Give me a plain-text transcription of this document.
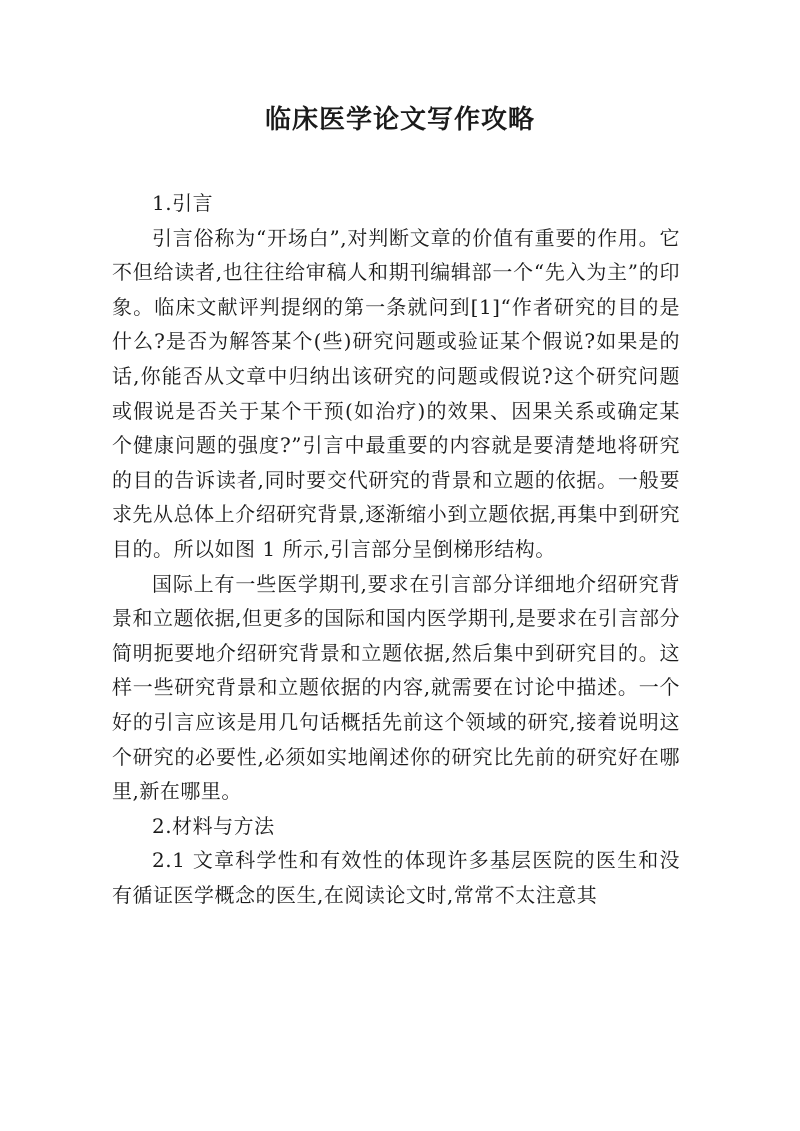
临床医学论文写作攻略

1.引言

引言俗称为“开场白”,对判断文章的价值有重要的作用。它不但给读者,也往往给审稿人和期刊编辑部一个“先入为主”的印象。临床文献评判提纲的第一条就问到[1]“作者研究的目的是什么?是否为解答某个(些)研究问题或验证某个假说?如果是的话,你能否从文章中归纳出该研究的问题或假说?这个研究问题或假说是否关于某个干预(如治疗)的效果、因果关系或确定某个健康问题的强度?”引言中最重要的内容就是要清楚地将研究的目的告诉读者,同时要交代研究的背景和立题的依据。一般要求先从总体上介绍研究背景,逐渐缩小到立题依据,再集中到研究目的。所以如图 1 所示,引言部分呈倒梯形结构。

国际上有一些医学期刊,要求在引言部分详细地介绍研究背景和立题依据,但更多的国际和国内医学期刊,是要求在引言部分简明扼要地介绍研究背景和立题依据,然后集中到研究目的。这样一些研究背景和立题依据的内容,就需要在讨论中描述。一个好的引言应该是用几句话概括先前这个领域的研究,接着说明这个研究的必要性,必须如实地阐述你的研究比先前的研究好在哪里,新在哪里。

2.材料与方法

2.1 文章科学性和有效性的体现许多基层医院的医生和没有循证医学概念的医生,在阅读论文时,常常不太注意其
